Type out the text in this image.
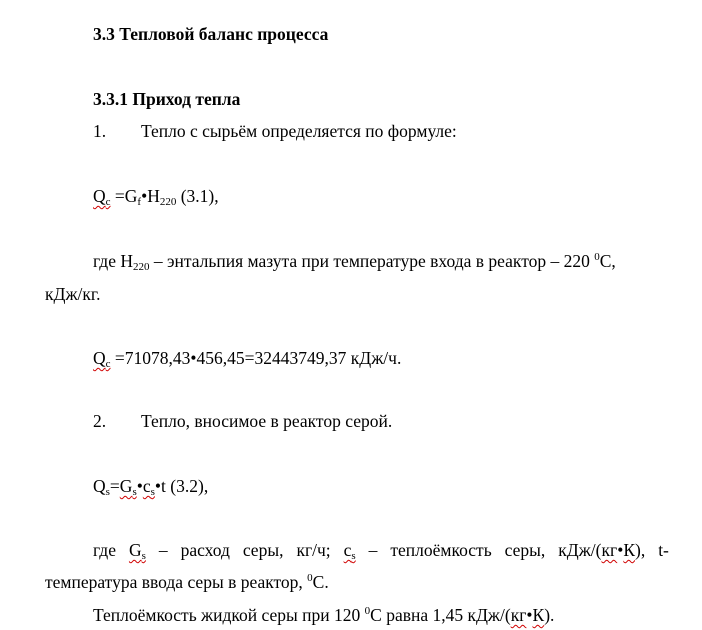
3.3 Тепловой баланс процесса
3.3.1 Приход тепла
1. Тепло с сырьём определяется по формуле:
$Q_c$ $=G_f•H_{220}$ (3.1),
где $H_{220}$ – энтальпия мазута при температуре входа в реактор – 220 $^0$С,
кДж/кг.
$Q_c$ =71078,43•456,45=32443749,37 кДж/ч.
2. Тепло, вносимое в реактор серой.
$Q_s=G_s•c_s•t$ (3.2),
где $G_s$ – расход серы, кг/ч; $c_s$ – теплоёмкость серы, кДж/(кг•К), t-
температура ввода серы в реактор, $^0$С.
Теплоёмкость жидкой серы при 120 $^0$С равна 1,45 кДж/(кг•К).
